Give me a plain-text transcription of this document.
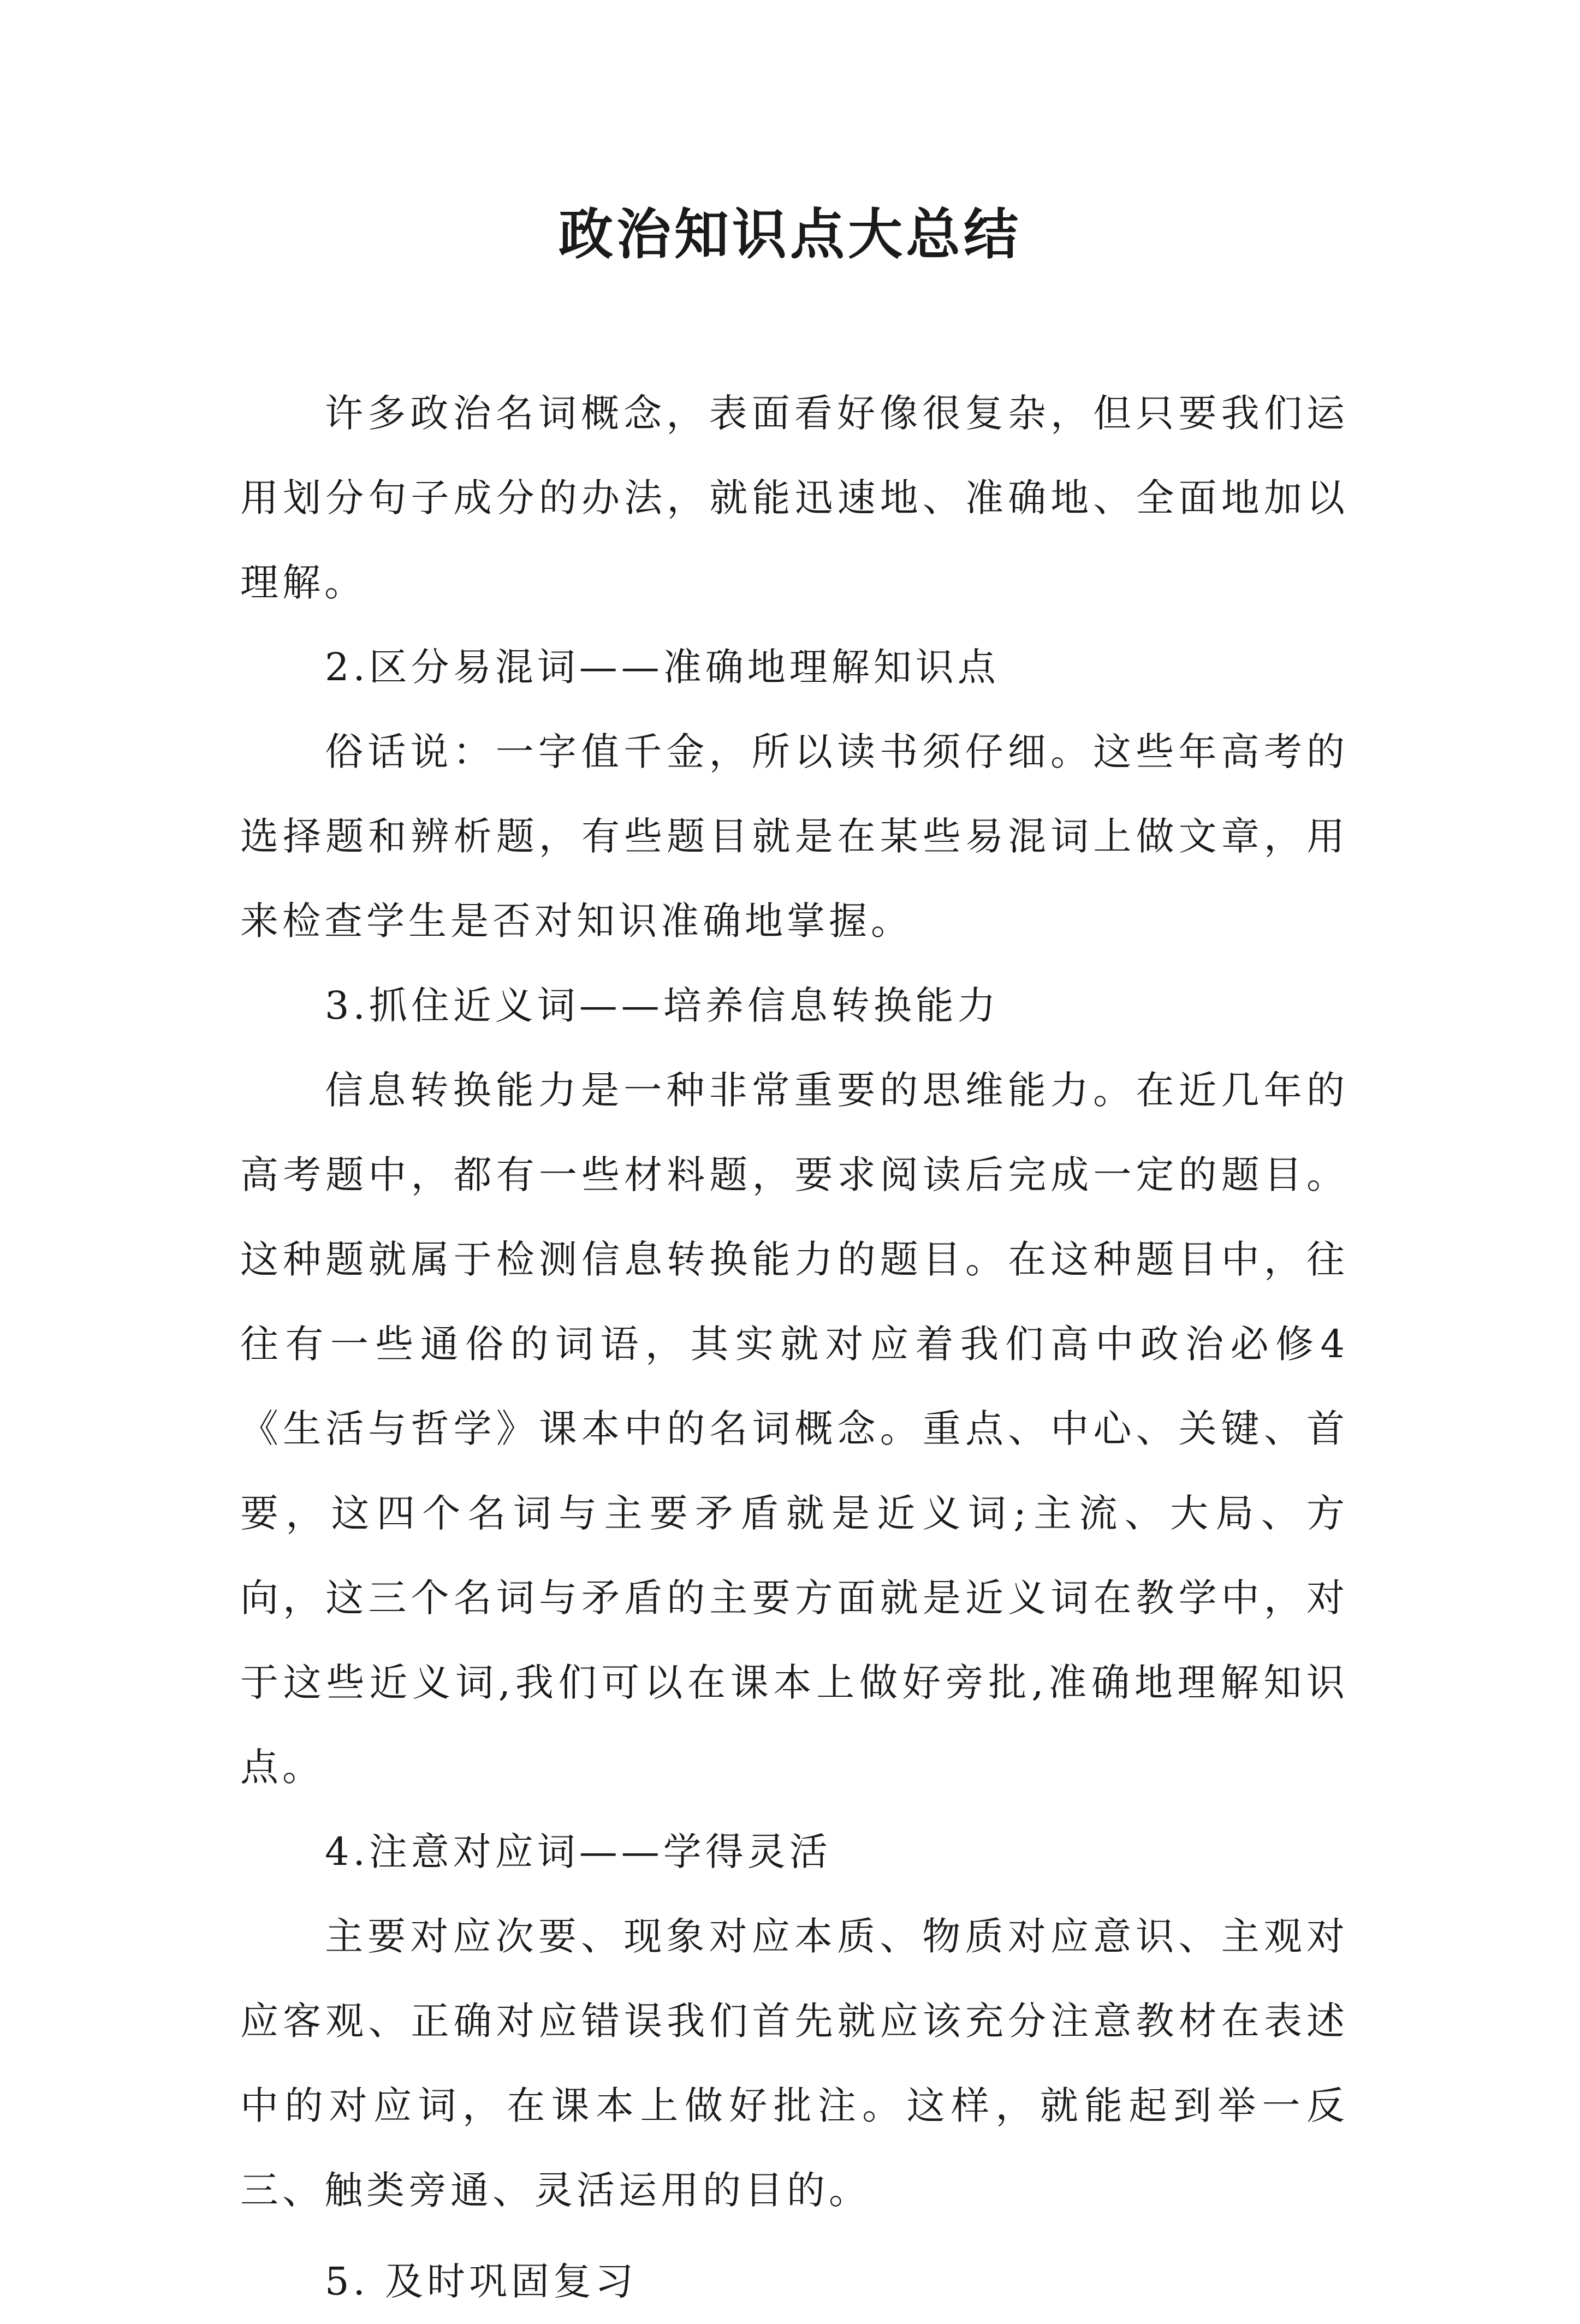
政治知识点大总结

许多政治名词概念，表面看好像很复杂，但只要我们运用划分句子成分的办法，就能迅速地、准确地、全面地加以理解。

2.区分易混词——准确地理解知识点

俗话说：一字值千金，所以读书须仔细。这些年高考的选择题和辨析题，有些题目就是在某些易混词上做文章，用来检查学生是否对知识准确地掌握。

3.抓住近义词——培养信息转换能力

信息转换能力是一种非常重要的思维能力。在近几年的高考题中，都有一些材料题，要求阅读后完成一定的题目。这种题就属于检测信息转换能力的题目。在这种题目中，往往有一些通俗的词语，其实就对应着我们高中政治必修4《生活与哲学》课本中的名词概念。重点、中心、关键、首要，这四个名词与主要矛盾就是近义词;主流、大局、方向，这三个名词与矛盾的主要方面就是近义词在教学中，对于这些近义词,我们可以在课本上做好旁批,准确地理解知识点。

4.注意对应词——学得灵活

主要对应次要、现象对应本质、物质对应意识、主观对应客观、正确对应错误我们首先就应该充分注意教材在表述中的对应词，在课本上做好批注。这样，就能起到举一反三、触类旁通、灵活运用的目的。

5. 及时巩固复习
